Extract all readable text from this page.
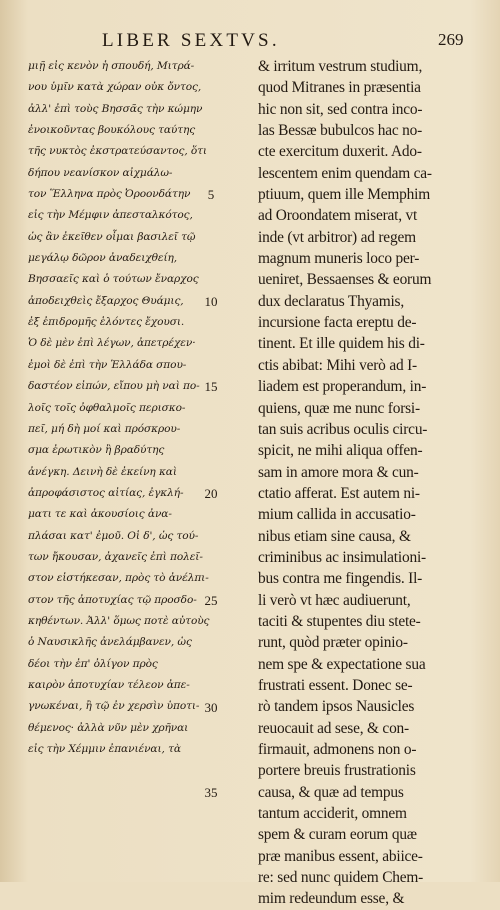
LIBER SEXTVS.	269
μιῇ εἰς κενὸν ἡ σπουδή, Μιτρά-
νου ὑμῖν κατὰ χώραν οὐκ ὄντος,
ἀλλ' ἐπὶ τοὺς Βησσᾶς τὴν κώμην
ἐνοικοῦντας βουκόλους ταύτης
τῆς νυκτὸς ἐκστρατεύσαντος, ὅτι
δήπου νεανίσκον αἰχμάλω-
τον Ἕλληνα πρὸς Ὀροονδάτην
εἰς τὴν Μέμφιν ἀπεσταλκότος,
ὡς ἂν ἐκεῖθεν οἶμαι βασιλεῖ τῷ
μεγάλῳ δῶρον ἀναδειχθείη,
Βησσαεῖς καὶ ὁ τούτων ἔναρχος
ἀποδειχθεὶς ἔξαρχος Θυάμις,
ἐξ ἐπιδρομῆς ἑλόντες ἔχουσι.
Ὁ δὲ μὲν ἐπὶ λέγων, ἀπετρέχεν·
ἐμοὶ δὲ ἐπὶ τὴν Ἑλλάδα σπου-
δαστέον εἰπών, εἴπου μὴ ναὶ πο-
λοῖς τοῖς ὀφθαλμοῖς περισκο-
πεῖ, μή δὴ μοί καὶ πρόσκρου-
σμα ἐρωτικὸν ἢ βραδύτης
ἀνέγκη. Δεινὴ δὲ ἐκείνη καὶ
ἀπροφάσιστος αἰτίας, ἐγκλή-
ματι τε καὶ ἀκουσίοις ἀνα-
πλάσαι κατ' ἐμοῦ. Οἱ δ', ὡς τού-
των ἤκουσαν, ἀχανεῖς ἐπὶ πολεῖ-
στον εἱστήκεσαν, πρὸς τὸ ἀνέλπι-
στον τῆς ἀποτυχίας τῷ προσδο-
κηθέντων. Ἀλλ' ὅμως ποτὲ αὐτοὺς
ὁ Ναυσικλῆς ἀνελάμβανεν, ὡς
δέοι τὴν ἐπ' ὀλίγον πρὸς
καιρὸν ἀποτυχίαν τέλεον ἀπε-
γνωκέναι, ἢ τῷ ἐν χερσὶν ὑποτι-
θέμενος· ἀλλὰ νῦν μὲν χρῆναι
εἰς τὴν Χέμμιν ἐπανιέναι, τὰ
5
10
15
20
25
30
35
& irritum vestrum studium,
quod Mitranes in præsentia
hic non sit, sed contra inco-
las Bessæ bubulcos hac no-
cte exercitum duxerit. Ado-
lescentem enim quendam ca-
ptiuum, quem ille Memphim
ad Oroondatem miserat, vt
inde (vt arbitror) ad regem
magnum muneris loco per-
ueniret, Bessaenses & eorum
dux declaratus Thyamis,
incursione facta ereptu de-
tinent. Et ille quidem his di-
ctis abibat: Mihi verò ad I-
liadem est properandum, in-
quiens, quæ me nunc forsi-
tan suis acribus oculis circu-
spicit, ne mihi aliqua offen-
sam in amore mora & cun-
ctatio afferat. Est autem ni-
mium callida in accusatio-
nibus etiam sine causa, &
criminibus ac insimulationi-
bus contra me fingendis. Il-
li verò vt hæc audiuerunt,
taciti & stupentes diu stete-
runt, quòd præter opinio-
nem spe & expectatione sua
frustrati essent. Donec se-
rò tandem ipsos Nausicles
reuocauit ad sese, & con-
firmauit, admonens non o-
portere breuis frustrationis
causa, & quæ ad tempus
tantum acciderit, omnem
spem & curam eorum quæ
præ manibus essent, abiice-
re: sed nunc quidem Chem-
mim redeundum esse, &
